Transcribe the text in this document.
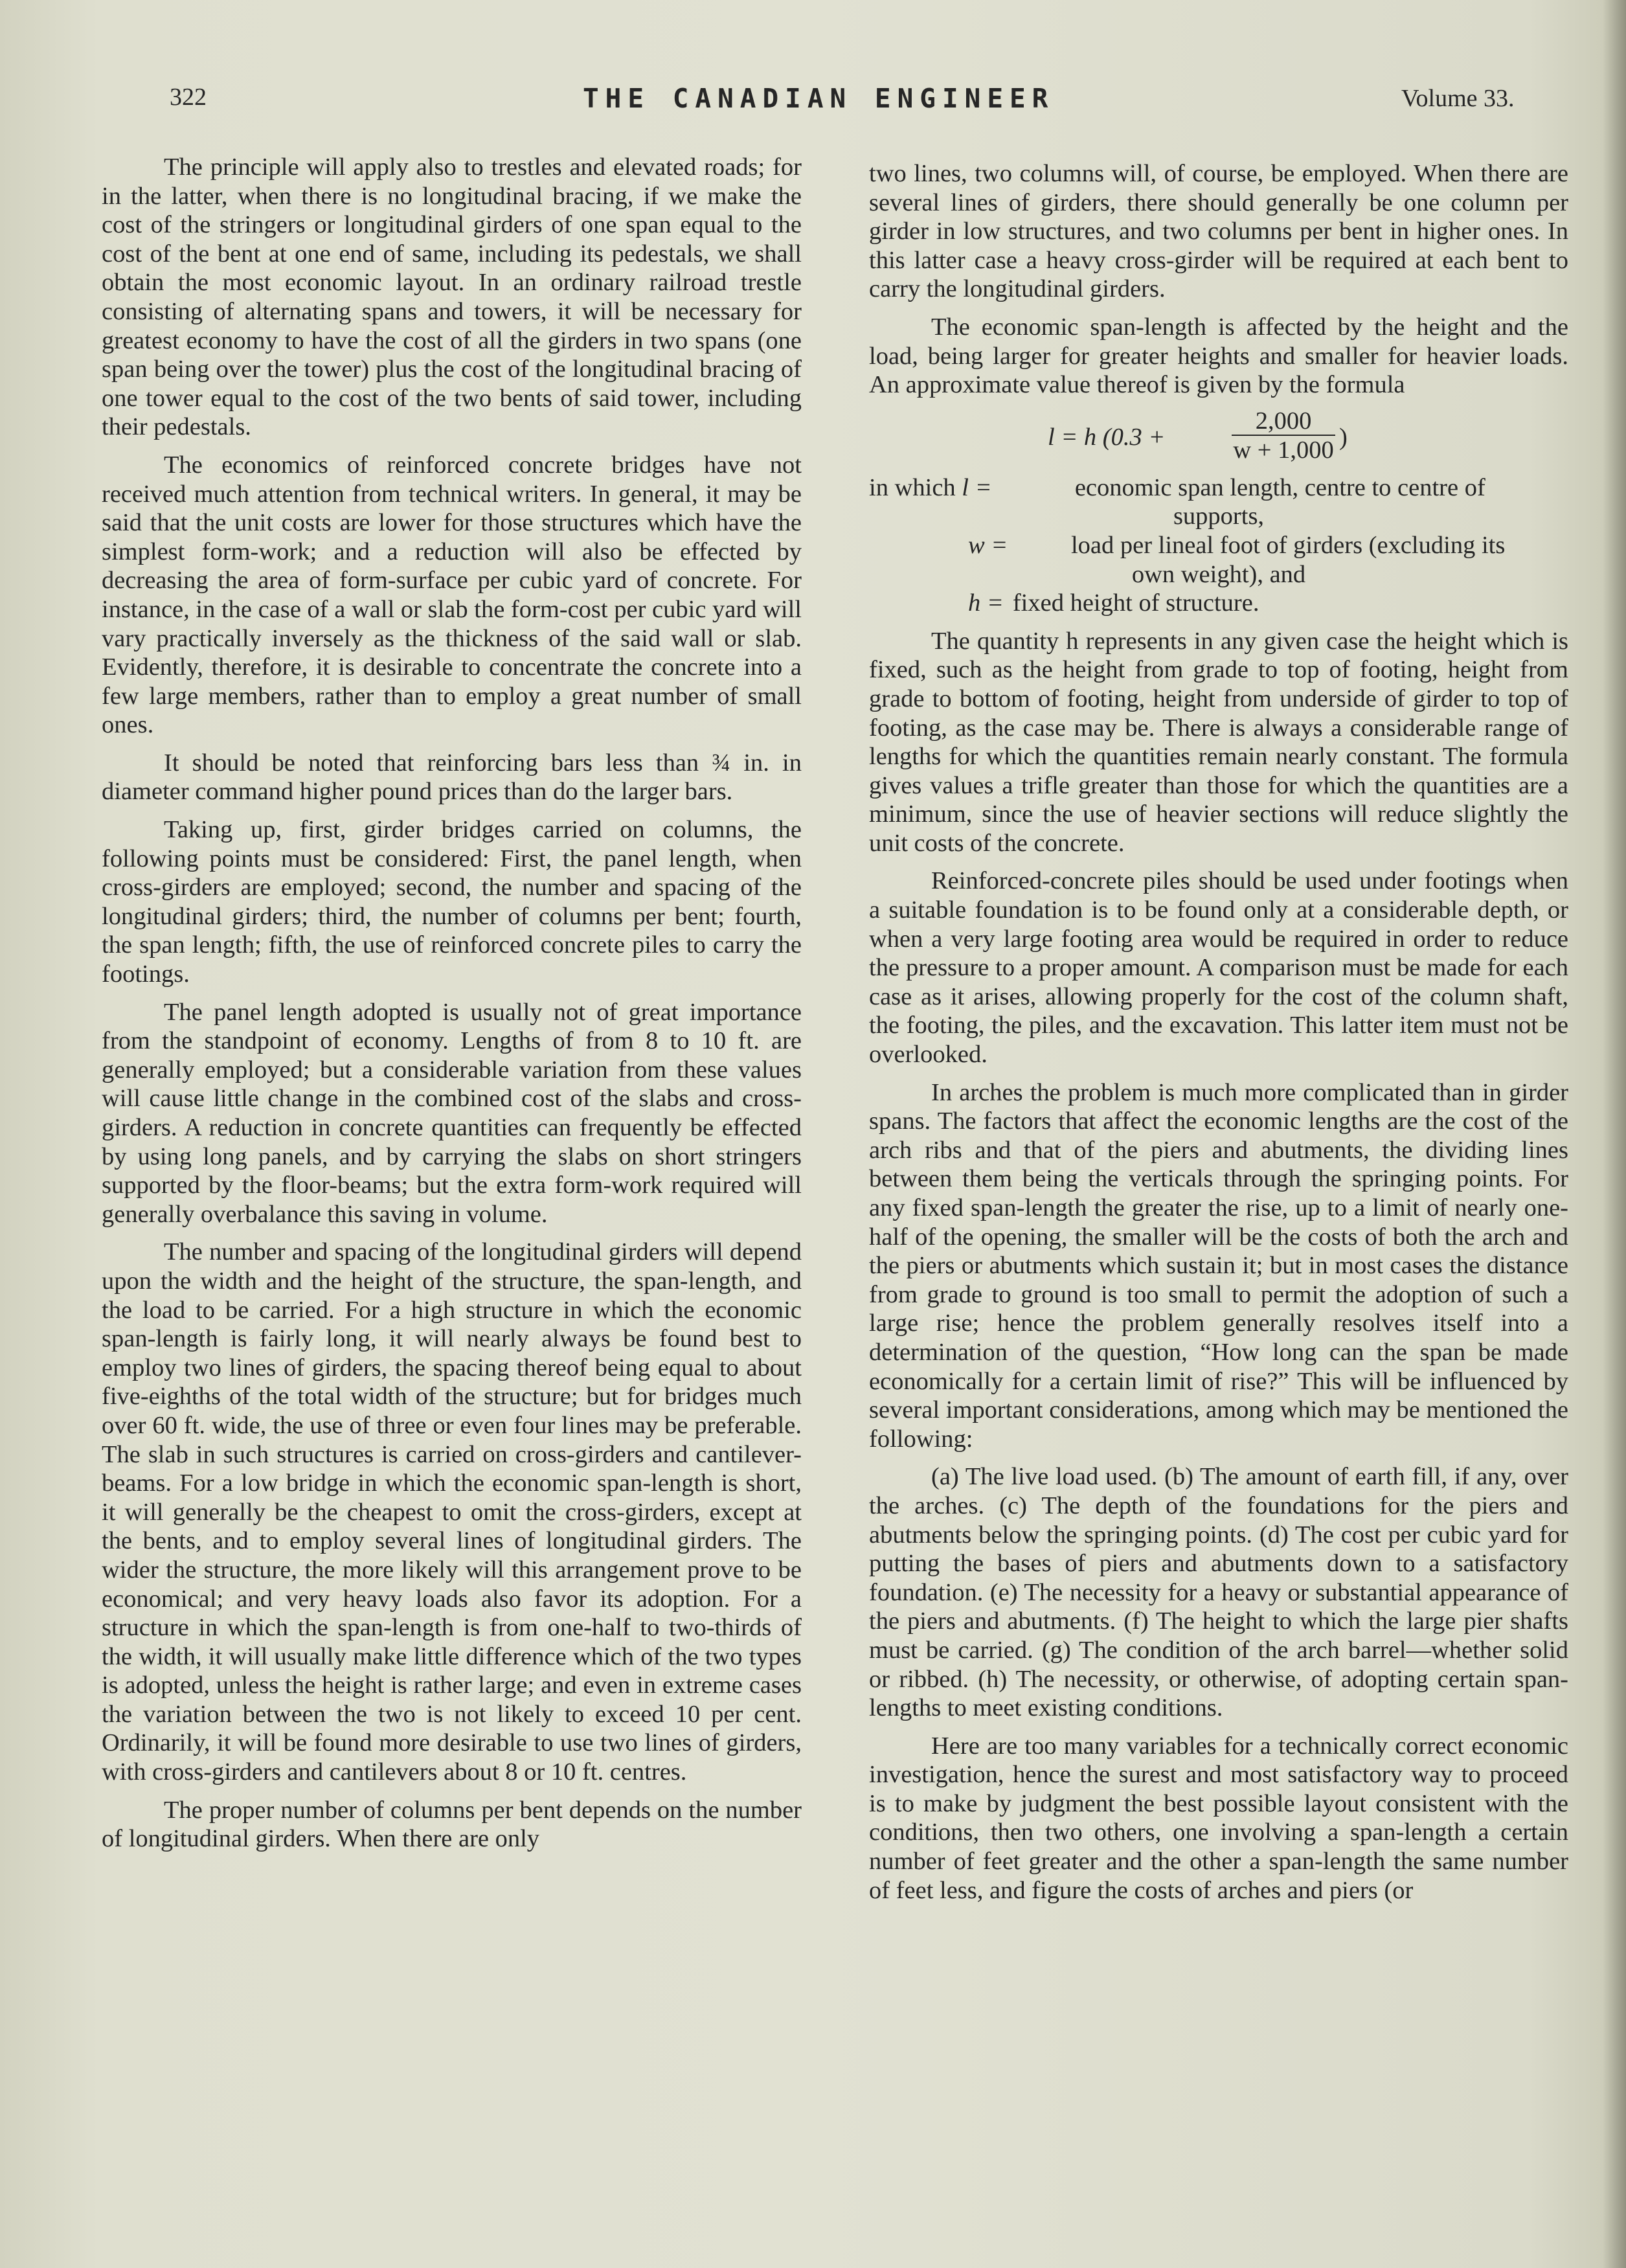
322	THE CANADIAN ENGINEER	Volume 33.

The principle will apply also to trestles and elevated roads; for in the latter, when there is no longitudinal bracing, if we make the cost of the stringers or longitudinal girders of one span equal to the cost of the bent at one end of same, including its pedestals, we shall obtain the most economic layout. In an ordinary railroad trestle consisting of alternating spans and towers, it will be necessary for greatest economy to have the cost of all the girders in two spans (one span being over the tower) plus the cost of the longitudinal bracing of one tower equal to the cost of the two bents of said tower, including their pedestals.

The economics of reinforced concrete bridges have not received much attention from technical writers. In general, it may be said that the unit costs are lower for those structures which have the simplest form-work; and a reduction will also be effected by decreasing the area of form-surface per cubic yard of concrete. For instance, in the case of a wall or slab the form-cost per cubic yard will vary practically inversely as the thickness of the said wall or slab. Evidently, therefore, it is desirable to concentrate the concrete into a few large members, rather than to employ a great number of small ones.

It should be noted that reinforcing bars less than ¾ in. in diameter command higher pound prices than do the larger bars.

Taking up, first, girder bridges carried on columns, the following points must be considered: First, the panel length, when cross-girders are employed; second, the number and spacing of the longitudinal girders; third, the number of columns per bent; fourth, the span length; fifth, the use of reinforced concrete piles to carry the footings.

The panel length adopted is usually not of great importance from the standpoint of economy. Lengths of from 8 to 10 ft. are generally employed; but a considerable variation from these values will cause little change in the combined cost of the slabs and cross-girders. A reduction in concrete quantities can frequently be effected by using long panels, and by carrying the slabs on short stringers supported by the floor-beams; but the extra form-work required will generally overbalance this saving in volume.

The number and spacing of the longitudinal girders will depend upon the width and the height of the structure, the span-length, and the load to be carried. For a high structure in which the economic span-length is fairly long, it will nearly always be found best to employ two lines of girders, the spacing thereof being equal to about five-eighths of the total width of the structure; but for bridges much over 60 ft. wide, the use of three or even four lines may be preferable. The slab in such structures is carried on cross-girders and cantilever-beams. For a low bridge in which the economic span-length is short, it will generally be the cheapest to omit the cross-girders, except at the bents, and to employ several lines of longitudinal girders. The wider the structure, the more likely will this arrangement prove to be economical; and very heavy loads also favor its adoption. For a structure in which the span-length is from one-half to two-thirds of the width, it will usually make little difference which of the two types is adopted, unless the height is rather large; and even in extreme cases the variation between the two is not likely to exceed 10 per cent. Ordinarily, it will be found more desirable to use two lines of girders, with cross-girders and cantilevers about 8 or 10 ft. centres.

The proper number of columns per bent depends on the number of longitudinal girders. When there are only

two lines, two columns will, of course, be employed. When there are several lines of girders, there should generally be one column per girder in low structures, and two columns per bent in higher ones. In this latter case a heavy cross-girder will be required at each bent to carry the longitudinal girders.

The economic span-length is affected by the height and the load, being larger for greater heights and smaller for heavier loads. An approximate value thereof is given by the formula

l = h (0.3 +	$\frac{2,000}{w + 1,000}$ )
in which l =	economic span length, centre to centre of
supports,
w =	load per lineal foot of girders (excluding its
own weight), and
h = fixed height of structure.

The quantity h represents in any given case the height which is fixed, such as the height from grade to top of footing, height from grade to bottom of footing, height from underside of girder to top of footing, as the case may be. There is always a considerable range of lengths for which the quantities remain nearly constant. The formula gives values a trifle greater than those for which the quantities are a minimum, since the use of heavier sections will reduce slightly the unit costs of the concrete.

Reinforced-concrete piles should be used under footings when a suitable foundation is to be found only at a considerable depth, or when a very large footing area would be required in order to reduce the pressure to a proper amount. A comparison must be made for each case as it arises, allowing properly for the cost of the column shaft, the footing, the piles, and the excavation. This latter item must not be overlooked.

In arches the problem is much more complicated than in girder spans. The factors that affect the economic lengths are the cost of the arch ribs and that of the piers and abutments, the dividing lines between them being the verticals through the springing points. For any fixed span-length the greater the rise, up to a limit of nearly one-half of the opening, the smaller will be the costs of both the arch and the piers or abutments which sustain it; but in most cases the distance from grade to ground is too small to permit the adoption of such a large rise; hence the problem generally resolves itself into a determination of the question, “How long can the span be made economically for a certain limit of rise?” This will be influenced by several important considerations, among which may be mentioned the following:

(a) The live load used. (b) The amount of earth fill, if any, over the arches. (c) The depth of the foundations for the piers and abutments below the springing points. (d) The cost per cubic yard for putting the bases of piers and abutments down to a satisfactory foundation. (e) The necessity for a heavy or substantial appearance of the piers and abutments. (f) The height to which the large pier shafts must be carried. (g) The condition of the arch barrel—whether solid or ribbed. (h) The necessity, or otherwise, of adopting certain span-lengths to meet existing conditions.

Here are too many variables for a technically correct economic investigation, hence the surest and most satisfactory way to proceed is to make by judgment the best possible layout consistent with the conditions, then two others, one involving a span-length a certain number of feet greater and the other a span-length the same number of feet less, and figure the costs of arches and piers (or
